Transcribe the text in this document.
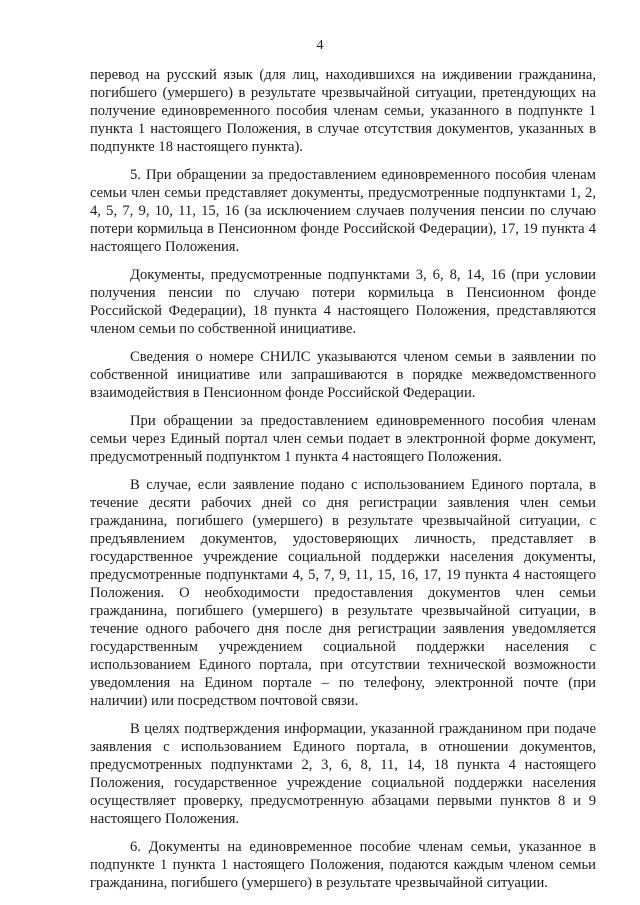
4

перевод на русский язык (для лиц, находившихся на иждивении гражданина, погибшего (умершего) в результате чрезвычайной ситуации, претендующих на получение единовременного пособия членам семьи, указанного в подпункте 1 пункта 1 настоящего Положения, в случае отсутствия документов, указанных в подпункте 18 настоящего пункта).

5. При обращении за предоставлением единовременного пособия членам семьи член семьи представляет документы, предусмотренные подпунктами 1, 2, 4, 5, 7, 9, 10, 11, 15, 16 (за исключением случаев получения пенсии по случаю потери кормильца в Пенсионном фонде Российской Федерации), 17, 19 пункта 4 настоящего Положения.

Документы, предусмотренные подпунктами 3, 6, 8, 14, 16 (при условии получения пенсии по случаю потери кормильца в Пенсионном фонде Российской Федерации), 18 пункта 4 настоящего Положения, представляются членом семьи по собственной инициативе.

Сведения о номере СНИЛС указываются членом семьи в заявлении по собственной инициативе или запрашиваются в порядке межведомственного взаимодействия в Пенсионном фонде Российской Федерации.

При обращении за предоставлением единовременного пособия членам семьи через Единый портал член семьи подает в электронной форме документ, предусмотренный подпунктом 1 пункта 4 настоящего Положения.

В случае, если заявление подано с использованием Единого портала, в течение десяти рабочих дней со дня регистрации заявления член семьи гражданина, погибшего (умершего) в результате чрезвычайной ситуации, с предъявлением документов, удостоверяющих личность, представляет в государственное учреждение социальной поддержки населения документы, предусмотренные подпунктами 4, 5, 7, 9, 11, 15, 16, 17, 19 пункта 4 настоящего Положения. О необходимости предоставления документов член семьи гражданина, погибшего (умершего) в результате чрезвычайной ситуации, в течение одного рабочего дня после дня регистрации заявления уведомляется государственным учреждением социальной поддержки населения с использованием Единого портала, при отсутствии технической возможности уведомления на Едином портале – по телефону, электронной почте (при наличии) или посредством почтовой связи.

В целях подтверждения информации, указанной гражданином при подаче заявления с использованием Единого портала, в отношении документов, предусмотренных подпунктами 2, 3, 6, 8, 11, 14, 18 пункта 4 настоящего Положения, государственное учреждение социальной поддержки населения осуществляет проверку, предусмотренную абзацами первыми пунктов 8 и 9 настоящего Положения.

6. Документы на единовременное пособие членам семьи, указанное в подпункте 1 пункта 1 настоящего Положения, подаются каждым членом семьи гражданина, погибшего (умершего) в результате чрезвычайной ситуации.
